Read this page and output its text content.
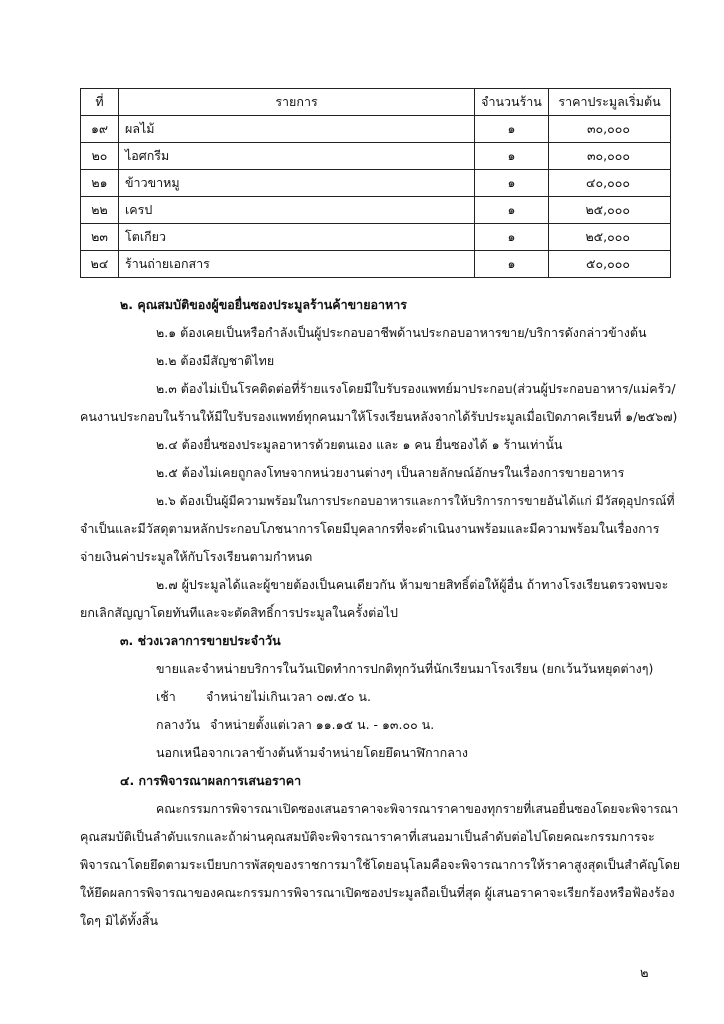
ที่	รายการ	จำนวนร้าน	ราคาประมูลเริ่มต้น
๑๙	ผลไม้	๑	๓๐,๐๐๐
๒๐	ไอศกรีม	๑	๓๐,๐๐๐
๒๑	ข้าวขาหมู	๑	๔๐,๐๐๐
๒๒	เครป	๑	๒๕,๐๐๐
๒๓	โตเกียว	๑	๒๕,๐๐๐
๒๔	ร้านถ่ายเอกสาร	๑	๕๐,๐๐๐
๒. คุณสมบัติของผู้ขอยื่นซองประมูลร้านค้าขายอาหาร
๒.๑ ต้องเคยเป็นหรือกำลังเป็นผู้ประกอบอาชีพด้านประกอบอาหารขาย/บริการดังกล่าวข้างต้น
๒.๒ ต้องมีสัญชาติไทย
๒.๓ ต้องไม่เป็นโรคติดต่อที่ร้ายแรงโดยมีใบรับรองแพทย์มาประกอบ(ส่วนผู้ประกอบอาหาร/แม่ครัว/
คนงานประกอบในร้านให้มีใบรับรองแพทย์ทุกคนมาให้โรงเรียนหลังจากได้รับประมูลเมื่อเปิดภาคเรียนที่ ๑/๒๕๖๗)
๒.๔ ต้องยื่นซองประมูลอาหารด้วยตนเอง และ ๑ คน ยื่นซองได้ ๑ ร้านเท่านั้น
๒.๕ ต้องไม่เคยถูกลงโทษจากหน่วยงานต่างๆ เป็นลายลักษณ์อักษรในเรื่องการขายอาหาร
๒.๖ ต้องเป็นผู้มีความพร้อมในการประกอบอาหารและการให้บริการการขายอันได้แก่ มีวัสดุอุปกรณ์ที่
จำเป็นและมีวัสดุตามหลักประกอบโภชนาการโดยมีบุคลากรที่จะดำเนินงานพร้อมและมีความพร้อมในเรื่องการ
จ่ายเงินค่าประมูลให้กับโรงเรียนตามกำหนด
๒.๗ ผู้ประมูลได้และผู้ขายต้องเป็นคนเดียวกัน ห้ามขายสิทธิ์ต่อให้ผู้อื่น ถ้าทางโรงเรียนตรวจพบจะ
ยกเลิกสัญญาโดยทันทีและจะตัดสิทธิ์การประมูลในครั้งต่อไป
๓. ช่วงเวลาการขายประจำวัน
ขายและจำหน่ายบริการในวันเปิดทำการปกติทุกวันที่นักเรียนมาโรงเรียน (ยกเว้นวันหยุดต่างๆ)
เช้า จำหน่ายไม่เกินเวลา ๐๗.๕๐ น.
กลางวัน จำหน่ายตั้งแต่เวลา ๑๑.๑๕ น. - ๑๓.๐๐ น.
นอกเหนือจากเวลาข้างต้นห้ามจำหน่ายโดยยึดนาฬิกากลาง
๔. การพิจารณาผลการเสนอราคา
คณะกรรมการพิจารณาเปิดซองเสนอราคาจะพิจารณาราคาของทุกรายที่เสนอยื่นซองโดยจะพิจารณา
คุณสมบัติเป็นลำดับแรกและถ้าผ่านคุณสมบัติจะพิจารณาราคาที่เสนอมาเป็นลำดับต่อไปโดยคณะกรรมการจะ
พิจารณาโดยยึดตามระเบียบการพัสดุของราชการมาใช้โดยอนุโลมคือจะพิจารณาการให้ราคาสูงสุดเป็นสำคัญโดย
ให้ยึดผลการพิจารณาของคณะกรรมการพิจารณาเปิดซองประมูลถือเป็นที่สุด ผู้เสนอราคาจะเรียกร้องหรือฟ้องร้อง
ใดๆ มิได้ทั้งสิ้น
๒
